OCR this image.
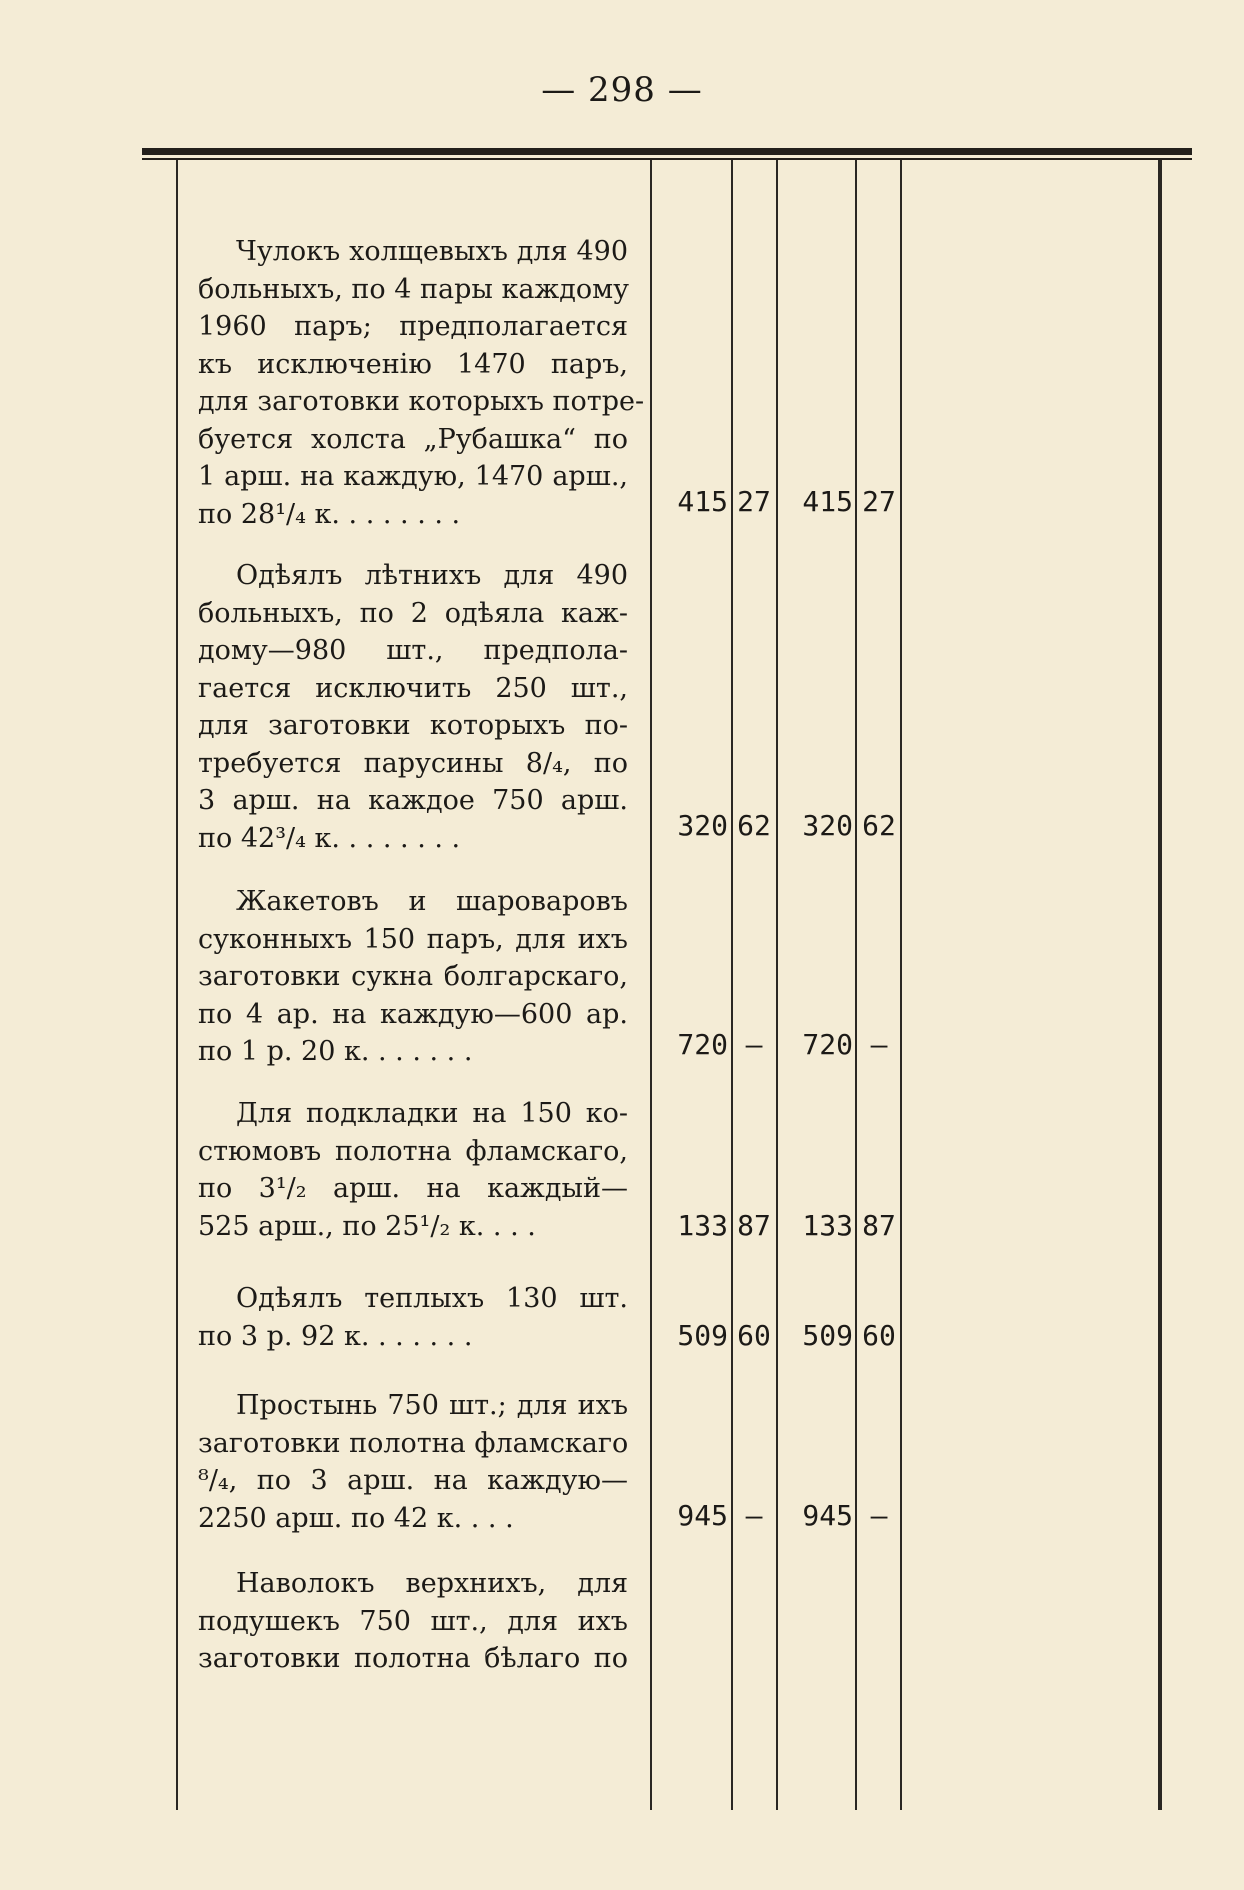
— 298 —
Чулокъ холщевыхъ для 490
больныхъ, по 4 пары каждому
1960 паръ; предполагается
къ исключенію 1470 паръ,
для заготовки которыхъ потре-
буется холста „Рубашка“ по
1 арш. на каждую, 1470 арш.,
по 28¹/₄ к. . . . . . . .	415 27	415 27
Одѣялъ лѣтнихъ для 490
больныхъ, по 2 одѣяла каж-
дому—980 шт., предпола-
гается исключить 250 шт.,
для заготовки которыхъ по-
требуется парусины 8/₄, по
3 арш. на каждое 750 арш.
по 42³/₄ к. . . . . . . .	320 62	320 62
Жакетовъ и шароваровъ
суконныхъ 150 паръ, для ихъ
заготовки сукна болгарскаго,
по 4 ар. на каждую—600 ар.
по 1 р. 20 к. . . . . . .	720 —	720 —
Для подкладки на 150 ко-
стюмовъ полотна фламскаго,
по 3¹/₂ арш. на каждый—
525 арш., по 25¹/₂ к. . . .	133 87	133 87
Одѣялъ теплыхъ 130 шт.
по 3 р. 92 к. . . . . . .	509 60	509 60
Простынь 750 шт.; для ихъ
заготовки полотна фламскаго
⁸/₄, по 3 арш. на каждую—
2250 арш. по 42 к. . . .	945 —	945 —
Наволокъ верхнихъ, для
подушекъ 750 шт., для ихъ
заготовки полотна бѣлаго по
